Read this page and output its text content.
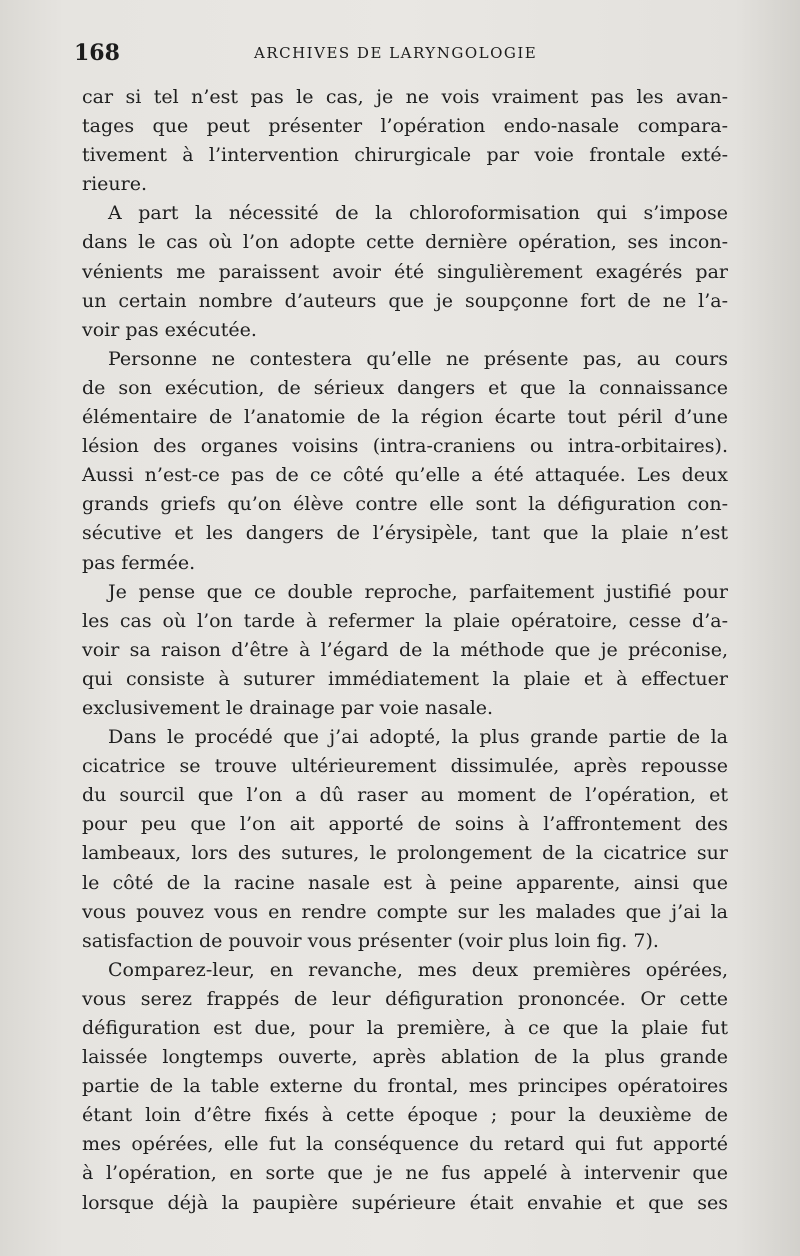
168	ARCHIVES DE LARYNGOLOGIE
car si tel n’est pas le cas, je ne vois vraiment pas les avan-
tages que peut présenter l’opération endo-nasale compara-
tivement à l’intervention chirurgicale par voie frontale exté-
rieure.
A part la nécessité de la chloroformisation qui s’impose
dans le cas où l’on adopte cette dernière opération, ses incon-
vénients me paraissent avoir été singulièrement exagérés par
un certain nombre d’auteurs que je soupçonne fort de ne l’a-
voir pas exécutée.
Personne ne contestera qu’elle ne présente pas, au cours
de son exécution, de sérieux dangers et que la connaissance
élémentaire de l’anatomie de la région écarte tout péril d’une
lésion des organes voisins (intra-craniens ou intra-orbitaires).
Aussi n’est-ce pas de ce côté qu’elle a été attaquée. Les deux
grands griefs qu’on élève contre elle sont la défiguration con-
sécutive et les dangers de l’érysipèle, tant que la plaie n’est
pas fermée.
Je pense que ce double reproche, parfaitement justifié pour
les cas où l’on tarde à refermer la plaie opératoire, cesse d’a-
voir sa raison d’être à l’égard de la méthode que je préconise,
qui consiste à suturer immédiatement la plaie et à effectuer
exclusivement le drainage par voie nasale.
Dans le procédé que j’ai adopté, la plus grande partie de la
cicatrice se trouve ultérieurement dissimulée, après repousse
du sourcil que l’on a dû raser au moment de l’opération, et
pour peu que l’on ait apporté de soins à l’affrontement des
lambeaux, lors des sutures, le prolongement de la cicatrice sur
le côté de la racine nasale est à peine apparente, ainsi que
vous pouvez vous en rendre compte sur les malades que j’ai la
satisfaction de pouvoir vous présenter (voir plus loin fig. 7).
Comparez-leur, en revanche, mes deux premières opérées,
vous serez frappés de leur défiguration prononcée. Or cette
défiguration est due, pour la première, à ce que la plaie fut
laissée longtemps ouverte, après ablation de la plus grande
partie de la table externe du frontal, mes principes opératoires
étant loin d’être fixés à cette époque ; pour la deuxième de
mes opérées, elle fut la conséquence du retard qui fut apporté
à l’opération, en sorte que je ne fus appelé à intervenir que
lorsque déjà la paupière supérieure était envahie et que ses
